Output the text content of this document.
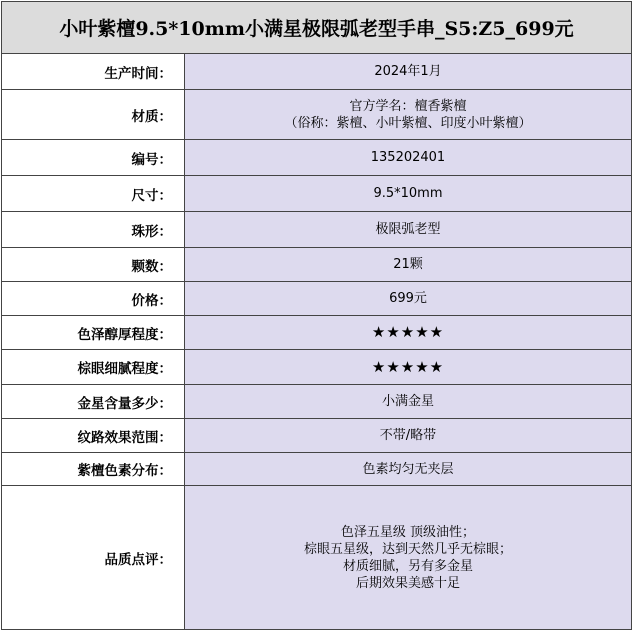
小叶紫檀9.5*10mm小满星极限弧老型手串_S5:Z5_699元
生产时间：	2024年1月
材质：
官方学名：檀香紫檀
（俗称：紫檀、小叶紫檀、印度小叶紫檀）
编号：	135202401
尺寸：	9.5*10mm
珠形：	极限弧老型
颗数：	21颗
价格：	699元
色泽醇厚程度：	★★★★★
棕眼细腻程度：	★★★★★
金星含量多少：	小满金星
纹路效果范围：	不带/略带
紫檀色素分布：	色素均匀无夹层
品质点评：
色泽五星级 顶级油性；
棕眼五星级，达到天然几乎无棕眼；
材质细腻，另有多金星
后期效果美感十足
